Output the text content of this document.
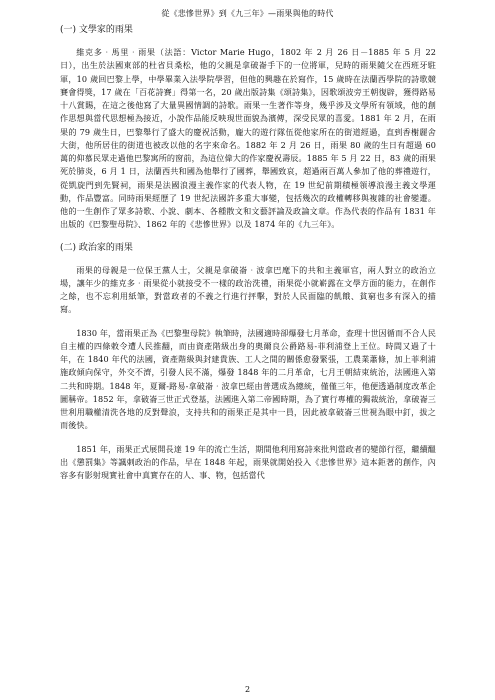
從《悲慘世界》到《九三年》—雨果與他的時代
(一) 文學家的雨果

維克多‧馬里‧雨果（法語：Victor Marie Hugo，1802 年 2 月 26 日－1885 年 5 月 22 日），出生於法國東部的杜省貝桑松，他的父親是拿破崙手下的一位將軍，兒時的雨果隨父在西班牙駐軍，10 歲回巴黎上學，中學畢業入法學院學習，但他的興趣在於寫作，15 歲時在法蘭西學院的詩歌競賽會得獎，17 歲在「百花詩賽」得第一名，20 歲出版詩集《頌詩集》，因歌頌波旁王朝復辟，獲得路易十八賞賜，在這之後他寫了大量異國情調的詩歌。雨果一生著作等身，幾乎涉及文學所有領域，他的創作思想與當代思想極為接近，小說作品能反映現世面貌為濱傳，深受民眾的喜愛。1881 年 2 月，在雨果的 79 歲生日，巴黎舉行了盛大的慶祝活動，龐大的遊行隊伍從他家所在的街道經過，直到香榭麗舍大街，他所居住的街道也被改以他的名字來命名。1882 年 2 月 26 日，雨果 80 歲的生日有超過 60 萬的仰慕民眾走過他巴黎寓所的窗前，為這位偉大的作家慶祝壽辰。1885 年 5 月 22 日，83 歲的雨果死於肺炎，6 月 1 日，法蘭西共和國為他舉行了國葬，舉國致哀，超過兩百萬人參加了他的葬禮遊行，從凱旋門到先賢祠，雨果是法國浪漫主義作家的代表人物，在 19 世紀前期積極領導浪漫主義文學運動，作品豐富。同時雨果經歷了 19 世紀法國許多重大事變，包括幾次的政權轉移與複雜的社會變遷。他的一生創作了眾多詩歌、小說、劇本、各種散文和文藝評論及政論文章。作為代表的作品有 1831 年出版的《巴黎聖母院》、1862 年的《悲慘世界》以及 1874 年的《九三年》。

(二) 政治家的雨果

雨果的母親是一位保王黨人士，父親是拿破崙‧波拿巴麾下的共和主義軍官，兩人對立的政治立場，讓年少的維克多‧雨果從小就接受不一樣的政治洗禮，雨果從小就嶄露在文學方面的能力，在創作之餘，也不忘利用紙筆，對當政者的不義之行進行抨擊，對於人民面臨的飢餓、貧窮也多有深入的描寫。

1830 年，當雨果正為《巴黎聖母院》執筆時，法國適時卻爆發七月革命，查理十世因循而不合人民自主權的四條敕令遭人民推翻，而由資產階級出身的奧爾良公爵路易-菲利浦登上王位。時間又過了十年，在 1840 年代的法國，資產階級與封建貴族、工人之間的關係愈發緊張，工農業蕭條，加上菲利浦施政傾向保守，外交不濟，引發人民不滿，爆發 1848 年的二月革命，七月王朝結束統治，法國進入第二共和時期。1848 年，夏爾-路易-拿破崙‧波拿巴經由普選成為總統，僅僅三年，他便透過制度改革企圖稱帝。1852 年，拿破崙三世正式登基，法國進入第二帝國時期，為了實行專權的獨裁統治，拿破崙三世利用職權清洗各地的反對聲浪，支持共和的雨果正是其中一員，因此被拿破崙三世視為眼中釘，拔之而後快。

1851 年，雨果正式展開長達 19 年的流亡生活，期間他利用寫詩來批判當政者的變節行徑，繼續醞出《懲罰集》等諷刺政治的作品，早在 1848 年起，雨果就開始投入《悲慘世界》這本鉅著的創作，內容多有影射現實社會中真實存在的人、事、物，包括當代

2
